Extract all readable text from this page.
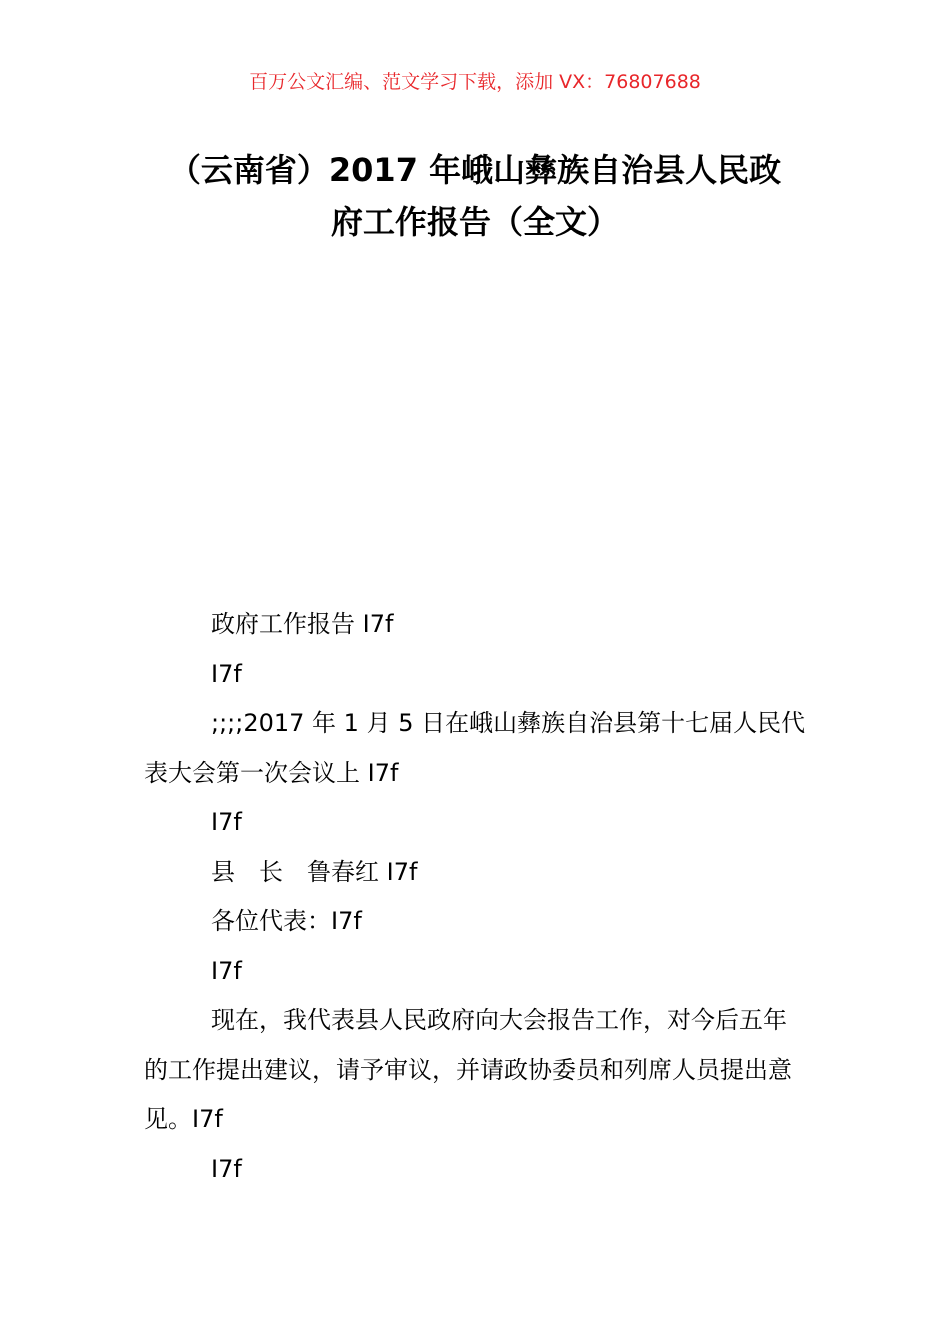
百万公文汇编、范文学习下载，添加 VX：76807688
（云南省）2017 年峨山彝族自治县人民政
府工作报告（全文）

政府工作报告 I7f

I7f

;;;;2017 年 1 月 5 日在峨山彝族自治县第十七届人民代表大会第一次会议上 I7f

I7f

县　长　鲁春红 I7f

各位代表：I7f

I7f

现在，我代表县人民政府向大会报告工作，对今后五年的工作提出建议，请予审议，并请政协委员和列席人员提出意见。I7f

I7f
